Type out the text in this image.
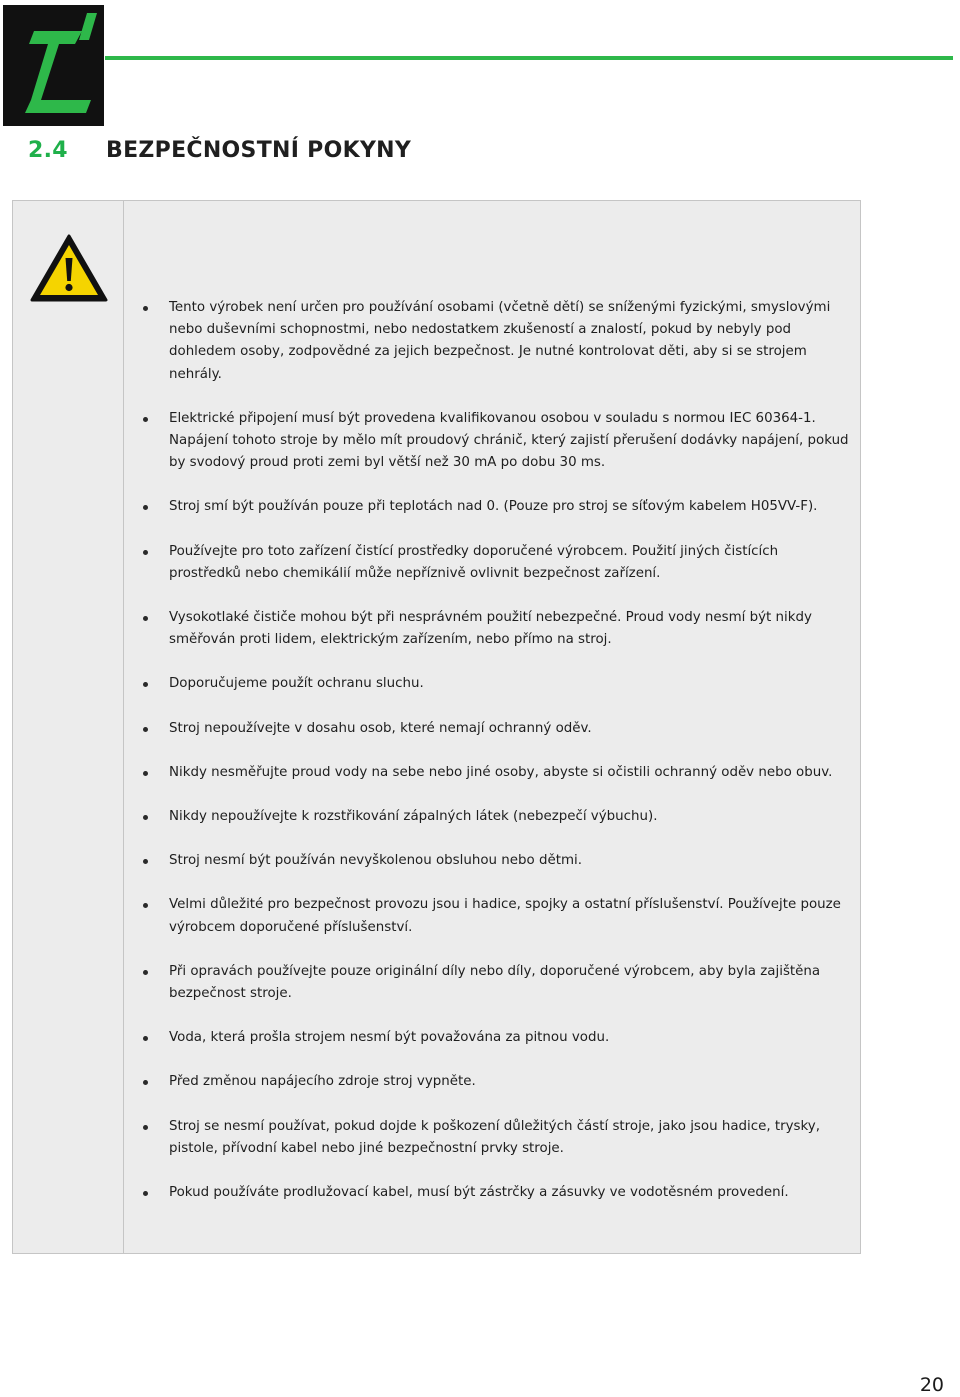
2.4	BEZPEČNOSTNÍ POKYNY
Tento výrobek není určen pro používání osobami (včetně dětí) se sníženými fyzickými, smyslovými nebo duševními schopnostmi, nebo nedostatkem zkušeností a znalostí, pokud by nebyly pod dohledem osoby, zodpovědné za jejich bezpečnost. Je nutné kontrolovat děti, aby si se strojem nehrály.
Elektrické připojení musí být provedena kvalifikovanou osobou v souladu s normou IEC 60364-1.
Napájení tohoto stroje by mělo mít proudový chránič, který zajistí přerušení dodávky napájení, pokud by svodový proud proti zemi byl větší než 30 mA po dobu 30 ms.
Stroj smí být používán pouze při teplotách nad 0. (Pouze pro stroj se síťovým kabelem H05VV-F).
Používejte pro toto zařízení čistící prostředky doporučené výrobcem. Použití jiných čistících prostředků nebo chemikálií může nepříznivě ovlivnit bezpečnost zařízení.
Vysokotlaké čističe mohou být při nesprávném použití nebezpečné. Proud vody nesmí být nikdy směřován proti lidem, elektrickým zařízením, nebo přímo na stroj.
Doporučujeme použít ochranu sluchu.
Stroj nepoužívejte v dosahu osob, které nemají ochranný oděv.
Nikdy nesměřujte proud vody na sebe nebo jiné osoby, abyste si očistili ochranný oděv nebo obuv.
Nikdy nepoužívejte k rozstřikování zápalných látek (nebezpečí výbuchu).
Stroj nesmí být používán nevyškolenou obsluhou nebo dětmi.
Velmi důležité pro bezpečnost provozu jsou i hadice, spojky a ostatní příslušenství. Používejte pouze výrobcem doporučené příslušenství.
Při opravách používejte pouze originální díly nebo díly, doporučené výrobcem, aby byla zajištěna bezpečnost stroje.
Voda, která prošla strojem nesmí být považována za pitnou vodu.
Před změnou napájecího zdroje stroj vypněte.
Stroj se nesmí používat, pokud dojde k poškození důležitých částí stroje, jako jsou hadice, trysky, pistole, přívodní kabel nebo jiné bezpečnostní prvky stroje.
Pokud používáte prodlužovací kabel, musí být zástrčky a zásuvky ve vodotěsném provedení.
20
